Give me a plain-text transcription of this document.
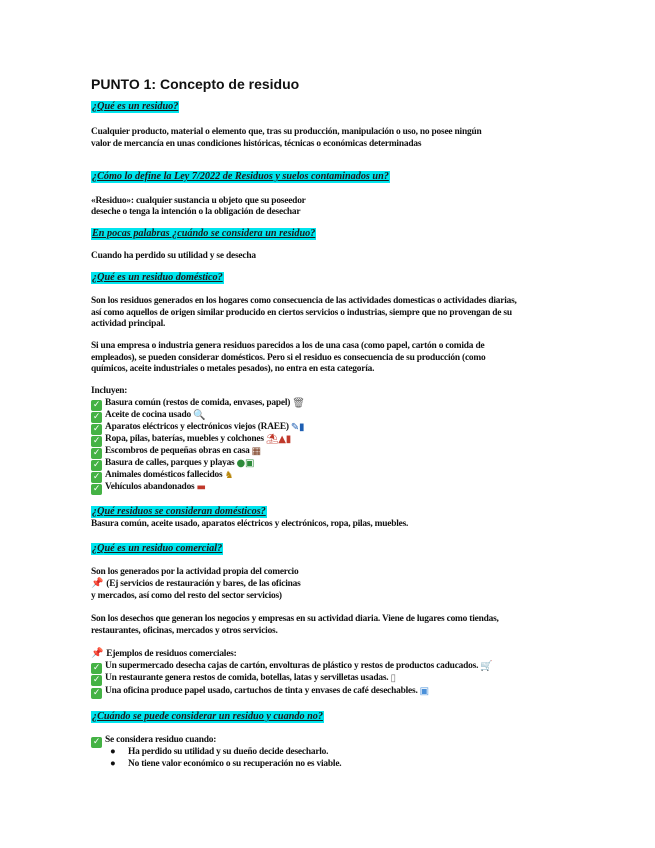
PUNTO 1: Concepto de residuo
¿Qué es un residuo?
Cualquier producto, material o elemento que, tras su producción, manipulación o uso, no posee ningún
valor de mercancía en unas condiciones históricas, técnicas o económicas determinadas
¿Cómo lo define la Ley 7/2022 de Residuos y suelos contaminados un?
«Residuo»: cualquier sustancia u objeto que su poseedor
deseche o tenga la intención o la obligación de desechar
En pocas palabras ¿cuándo se considera un residuo?
Cuando ha perdido su utilidad y se desecha
¿Qué es un residuo doméstico?
Son los residuos generados en los hogares como consecuencia de las actividades domesticas o actividades diarias,
así como aquellos de origen similar producido en ciertos servicios o industrias, siempre que no provengan de su
actividad principal.
Si una empresa o industria genera residuos parecidos a los de una casa (como papel, cartón o comida de
empleados), se pueden considerar domésticos. Pero si el residuo es consecuencia de su producción (como
químicos, aceite industriales o metales pesados), no entra en esta categoría.
Incluyen:
✓ Basura común (restos de comida, envases, papel) 🗑
✓ Aceite de cocina usado 🔍
✓ Aparatos eléctricos y electrónicos viejos (RAEE) ✎▮
✓ Ropa, pilas, baterías, muebles y colchones ⛱▲▮
✓ Escombros de pequeñas obras en casa ▦
✓ Basura de calles, parques y playas ●▣
✓ Animales domésticos fallecidos ♞
✓ Vehículos abandonados ▬
¿Qué residuos se consideran domésticos?
Basura común, aceite usado, aparatos eléctricos y electrónicos, ropa, pilas, muebles.
¿Qué es un residuo comercial?
Son los generados por la actividad propia del comercio
📌 (Ej servicios de restauración y bares, de las oficinas
y mercados, así como del resto del sector servicios)
Son los desechos que generan los negocios y empresas en su actividad diaria. Viene de lugares como tiendas,
restaurantes, oficinas, mercados y otros servicios.
📌 Ejemplos de residuos comerciales:
✓ Un supermercado desecha cajas de cartón, envolturas de plástico y restos de productos caducados. 🛒
✓ Un restaurante genera restos de comida, botellas, latas y servilletas usadas. ▯
✓ Una oficina produce papel usado, cartuchos de tinta y envases de café desechables. ▣
¿Cuándo se puede considerar un residuo y cuando no?
✓ Se considera residuo cuando:
● Ha perdido su utilidad y su dueño decide desecharlo.
● No tiene valor económico o su recuperación no es viable.
